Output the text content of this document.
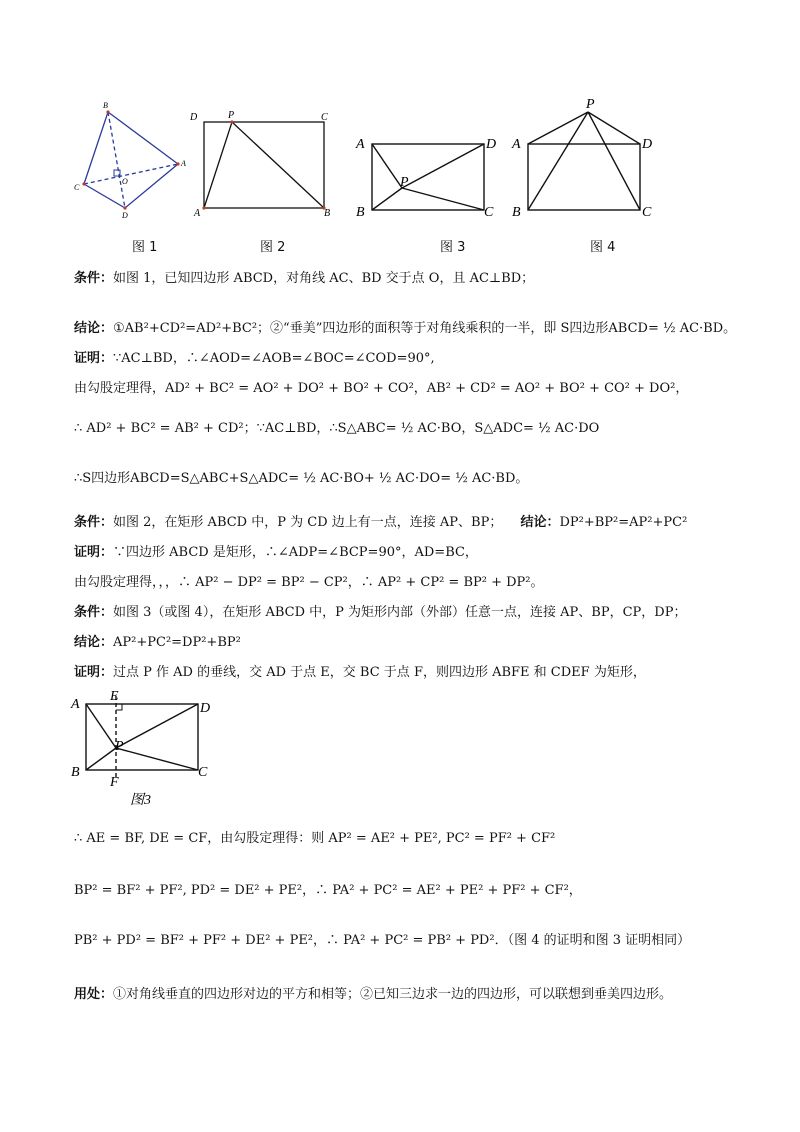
B
A
C
D
O
图 1
D	P	C
A	B
图 2
A	D
P
B	C
图 3
P
A	D
B	C
图 4
条件：如图 1，已知四边形 ABCD，对角线 AC、BD 交于点 O，且 AC⊥BD；
结论：①AB²+CD²=AD²+BC²；②“垂美”四边形的面积等于对角线乘积的一半，即 S四边形ABCD= ½ AC·BD。
证明：∵AC⊥BD，∴∠AOD=∠AOB=∠BOC=∠COD=90°,
由勾股定理得，AD² + BC² = AO² + DO² + BO² + CO²，AB² + CD² = AO² + BO² + CO² + DO²，
∴ AD² + BC² = AB² + CD²；∵AC⊥BD，∴S△ABC= ½ AC·BO，S△ADC= ½ AC·DO
∴S四边形ABCD=S△ABC+S△ADC= ½ AC·BO+ ½ AC·DO= ½ AC·BD。
条件：如图 2，在矩形 ABCD 中，P 为 CD 边上有一点，连接 AP、BP； 结论：DP²+BP²=AP²+PC²
证明：∵四边形 ABCD 是矩形，∴∠ADP=∠BCP=90°，AD=BC，
由勾股定理得，，，∴ AP² − DP² = BP² − CP²，∴ AP² + CP² = BP² + DP²。
条件：如图 3（或图 4），在矩形 ABCD 中，P 为矩形内部（外部）任意一点，连接 AP、BP，CP，DP；
结论：AP²+PC²=DP²+BP²
证明：过点 P 作 AD 的垂线，交 AD 于点 E，交 BC 于点 F，则四边形 ABFE 和 CDEF 为矩形，
A
E
D
P
B
F
C
图3
∴ AE = BF, DE = CF，由勾股定理得：则 AP² = AE² + PE², PC² = PF² + CF²
BP² = BF² + PF², PD² = DE² + PE²，∴ PA² + PC² = AE² + PE² + PF² + CF²，
PB² + PD² = BF² + PF² + DE² + PE²，∴ PA² + PC² = PB² + PD²．（图 4 的证明和图 3 证明相同）
用处：①对角线垂直的四边形对边的平方和相等；②已知三边求一边的四边形，可以联想到垂美四边形。
